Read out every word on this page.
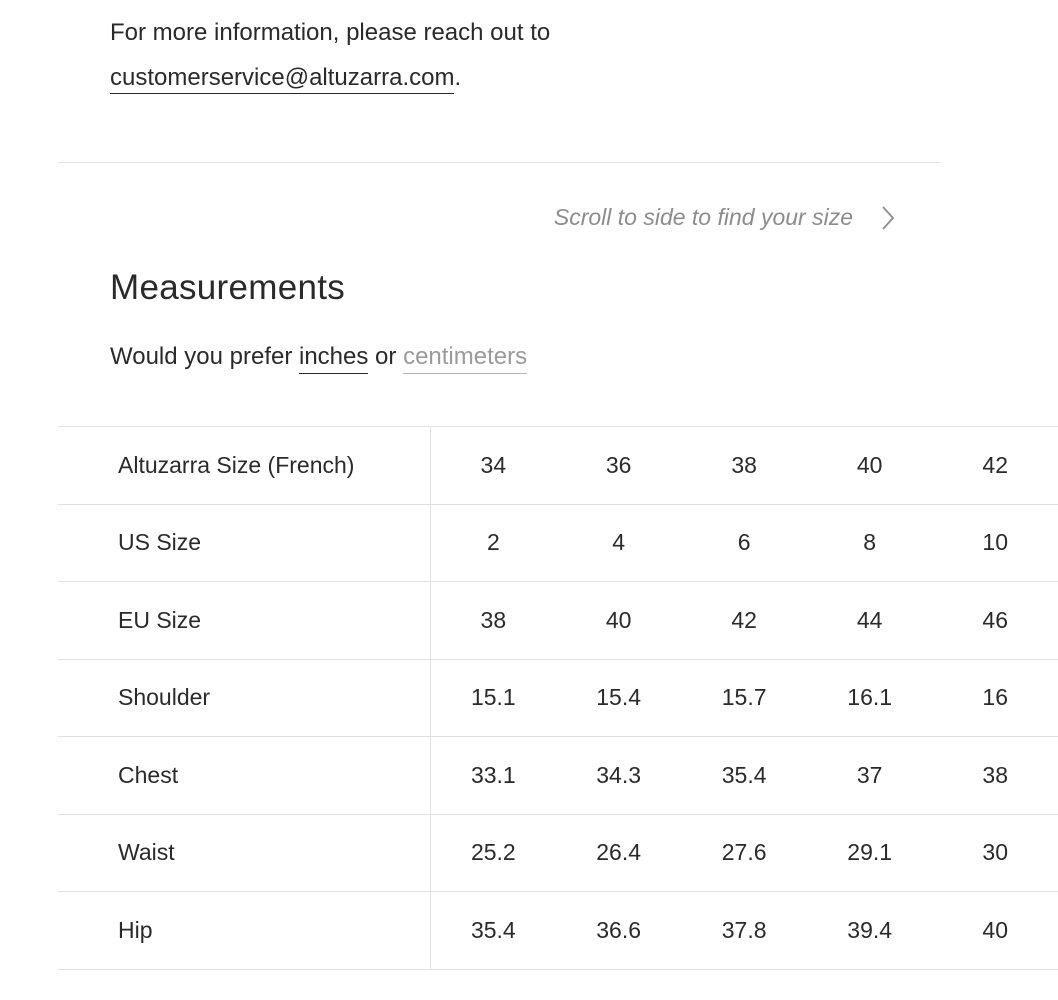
For more information, please reach out to
customerservice@altuzarra.com.
Scroll to side to find your size
Measurements
Would you prefer inches or centimeters
Altuzarra Size (French)	34	36	38	40	42
US Size	2	4	6	8	10
EU Size	38	40	42	44	46
Shoulder	15.1	15.4	15.7	16.1	16
Chest	33.1	34.3	35.4	37	38
Waist	25.2	26.4	27.6	29.1	30
Hip	35.4	36.6	37.8	39.4	40
